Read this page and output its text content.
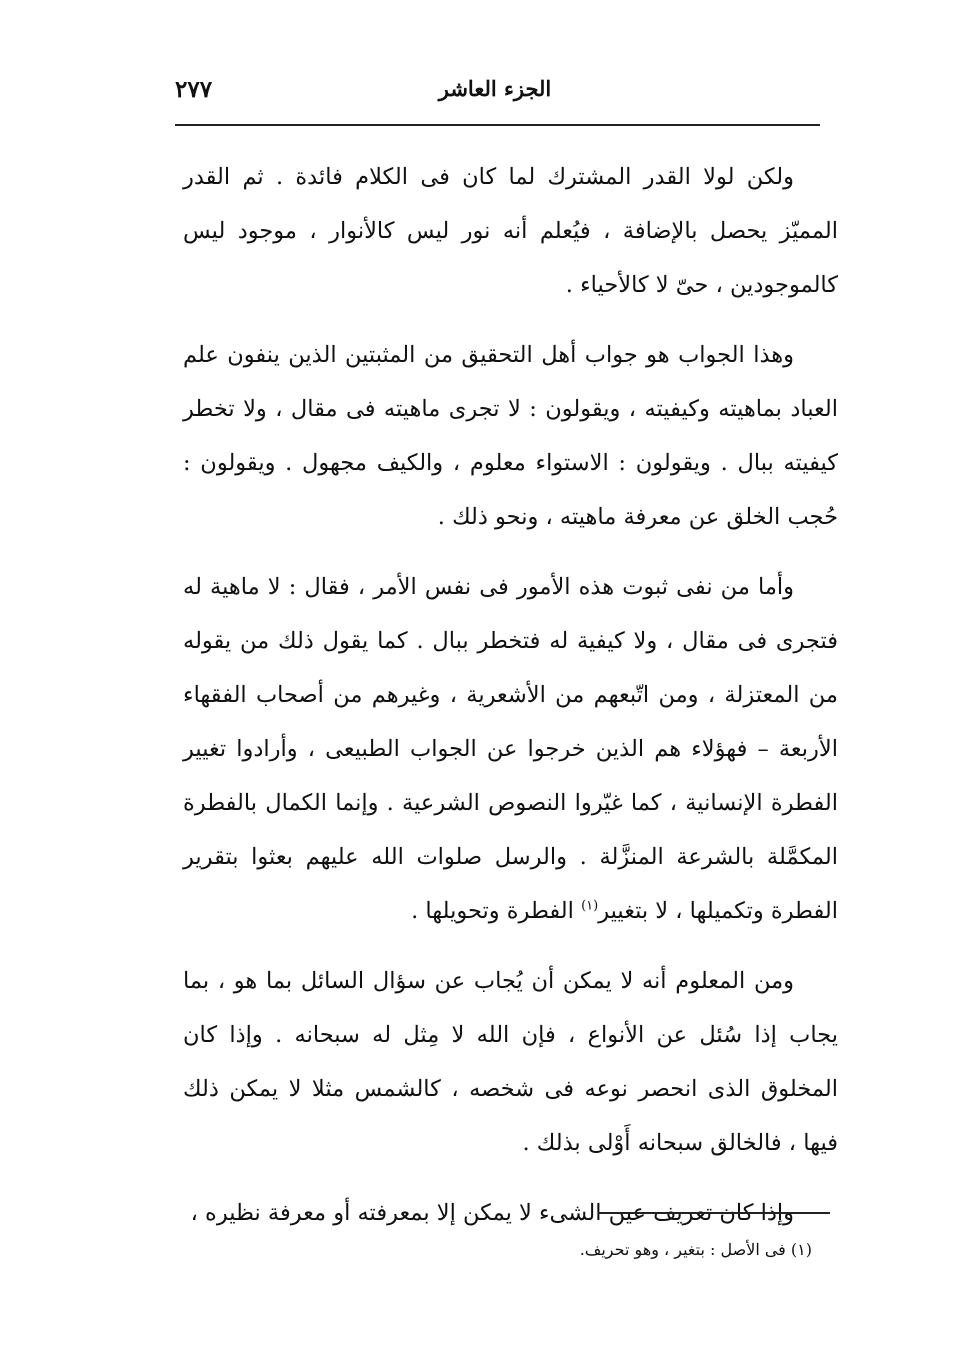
٢٧٧	الجزء العاشر

ولكن لولا القدر المشترك لما كان فى الكلام فائدة . ثم القدر المميّز يحصل بالإضافة ، فيُعلم أنه نور ليس كالأنوار ، موجود ليس كالموجودين ، حىّ لا كالأحياء .

وهذا الجواب هو جواب أهل التحقيق من المثبتين الذين ينفون علم العباد بماهيته وكيفيته ، ويقولون : لا تجرى ماهيته فى مقال ، ولا تخطر كيفيته ببال . ويقولون : الاستواء معلوم ، والكيف مجهول . ويقولون : حُجب الخلق عن معرفة ماهيته ، ونحو ذلك .

وأما من نفى ثبوت هذه الأمور فى نفس الأمر ، فقال : لا ماهية له فتجرى فى مقال ، ولا كيفية له فتخطر ببال . كما يقول ذلك من يقوله من المعتزلة ، ومن اتّبعهم من الأشعرية ، وغيرهم من أصحاب الفقهاء الأربعة – فهؤلاء هم الذين خرجوا عن الجواب الطبيعى ، وأرادوا تغيير الفطرة الإنسانية ، كما غيّروا النصوص الشرعية . وإنما الكمال بالفطرة المكمَّلة بالشرعة المنزَّلة . والرسل صلوات الله عليهم بعثوا بتقرير الفطرة وتكميلها ، لا بتغيير$^{(١)}$ الفطرة وتحويلها .

ومن المعلوم أنه لا يمكن أن يُجاب عن سؤال السائل بما هو ، بما يجاب إذا سُئل عن الأنواع ، فإن الله لا مِثل له سبحانه . وإذا كان المخلوق الذى انحصر نوعه فى شخصه ، كالشمس مثلا لا يمكن ذلك فيها ، فالخالق سبحانه أَوْلى بذلك .

وإذا كان تعريف عين الشىء لا يمكن إلا بمعرفته أو معرفة نظيره ،

(١) فى الأصل : بتغير ، وهو تحريف.
